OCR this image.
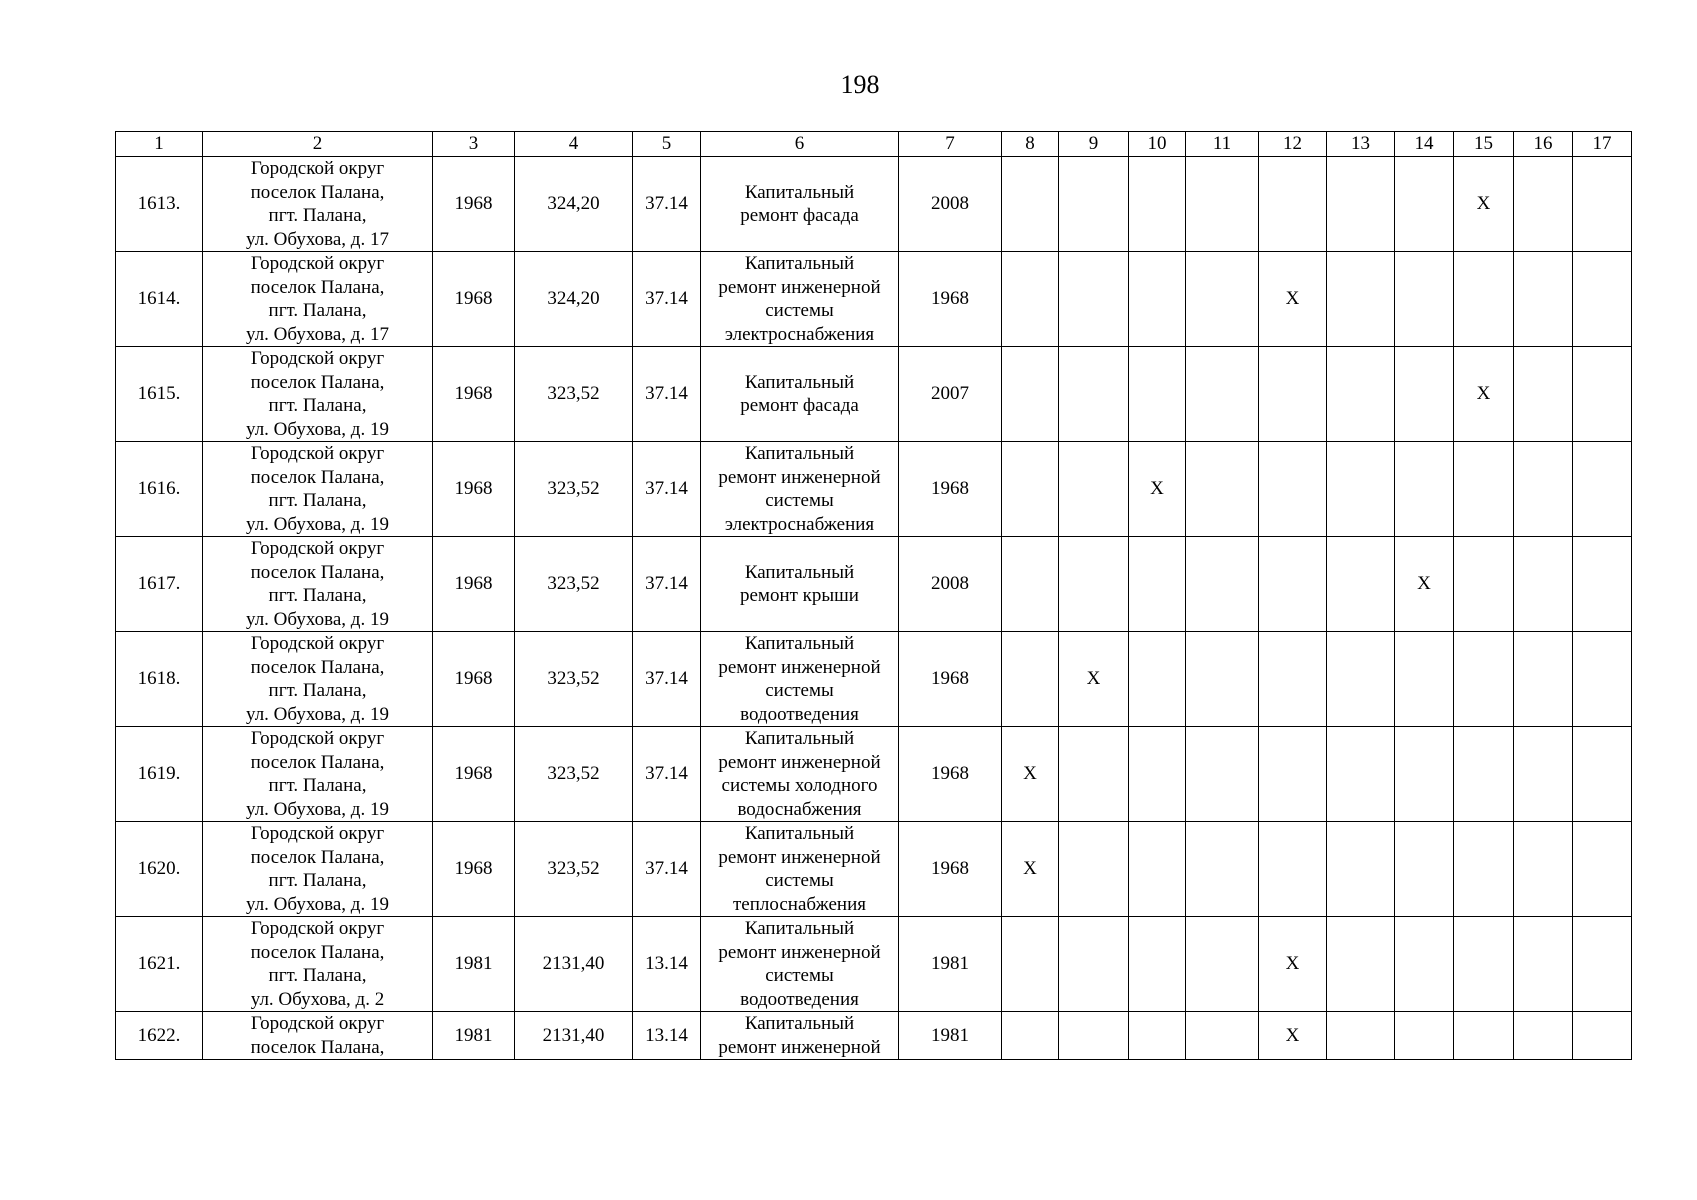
198
1	2	3	4	5	6	7	8	9	10	11	12	13	14	15	16	17

1613.	Городской округ
поселок Палана,
пгт. Палана,
ул. Обухова, д. 17	1968	324,20	37.14	Капитальный
ремонт фасада	2008								X		

1614.	Городской округ
поселок Палана,
пгт. Палана,
ул. Обухова, д. 17	1968	324,20	37.14	Капитальный
ремонт инженерной
системы
электроснабжения	1968					X					

1615.	Городской округ
поселок Палана,
пгт. Палана,
ул. Обухова, д. 19	1968	323,52	37.14	Капитальный
ремонт фасада	2007								X		

1616.	Городской округ
поселок Палана,
пгт. Палана,
ул. Обухова, д. 19	1968	323,52	37.14	Капитальный
ремонт инженерной
системы
электроснабжения	1968			X							

1617.	Городской округ
поселок Палана,
пгт. Палана,
ул. Обухова, д. 19	1968	323,52	37.14	Капитальный
ремонт крыши	2008							X			

1618.	Городской округ
поселок Палана,
пгт. Палана,
ул. Обухова, д. 19	1968	323,52	37.14	Капитальный
ремонт инженерной
системы
водоотведения	1968		X								

1619.	Городской округ
поселок Палана,
пгт. Палана,
ул. Обухова, д. 19	1968	323,52	37.14	Капитальный
ремонт инженерной
системы холодного
водоснабжения	1968	X									

1620.	Городской округ
поселок Палана,
пгт. Палана,
ул. Обухова, д. 19	1968	323,52	37.14	Капитальный
ремонт инженерной
системы
теплоснабжения	1968	X									

1621.	Городской округ
поселок Палана,
пгт. Палана,
ул. Обухова, д. 2	1981	2131,40	13.14	Капитальный
ремонт инженерной
системы
водоотведения	1981					X					

1622.	Городской округ
поселок Палана,	1981	2131,40	13.14	Капитальный
ремонт инженерной	1981					X					
